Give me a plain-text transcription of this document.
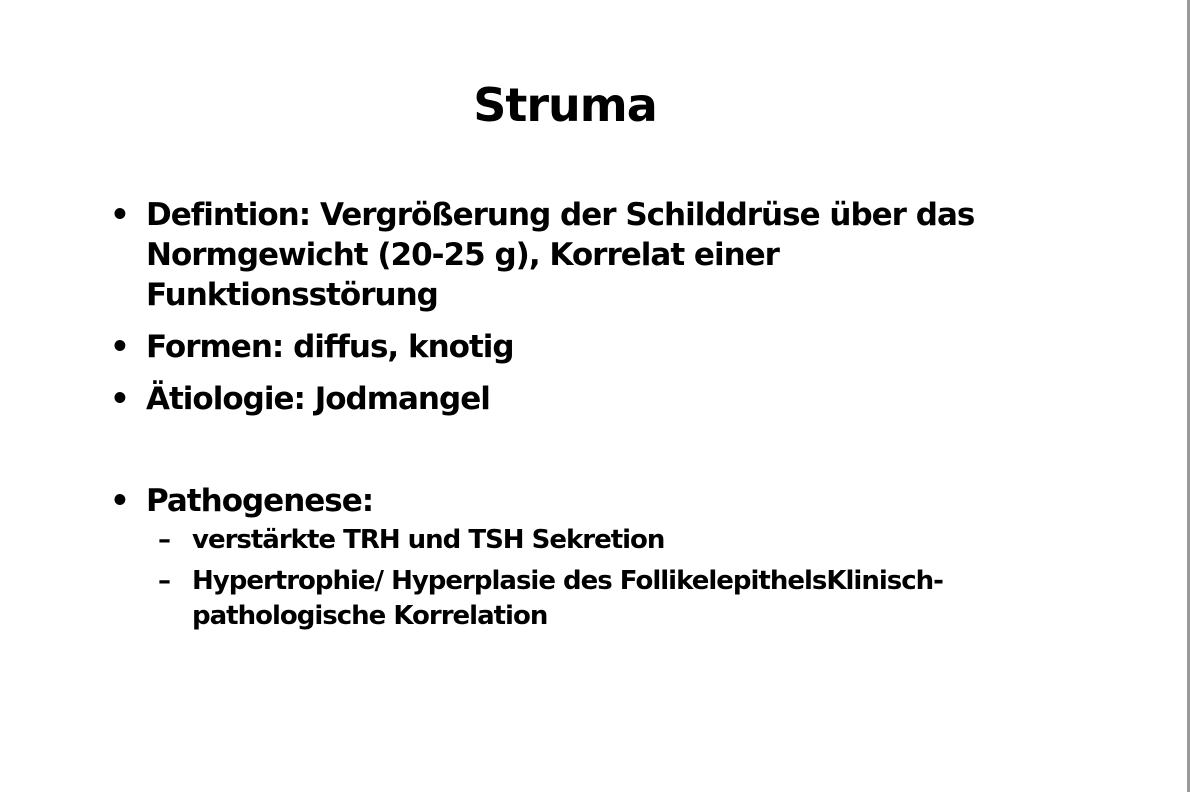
Struma
• Defintion: Vergrößerung der Schilddrüse über das Normgewicht (20-25 g), Korrelat einer Funktionsstörung
• Formen: diffus, knotig
• Ätiologie: Jodmangel
• Pathogenese:
– verstärkte TRH und TSH Sekretion
– Hypertrophie/ Hyperplasie des FollikelepithelsKlinisch-pathologische Korrelation
